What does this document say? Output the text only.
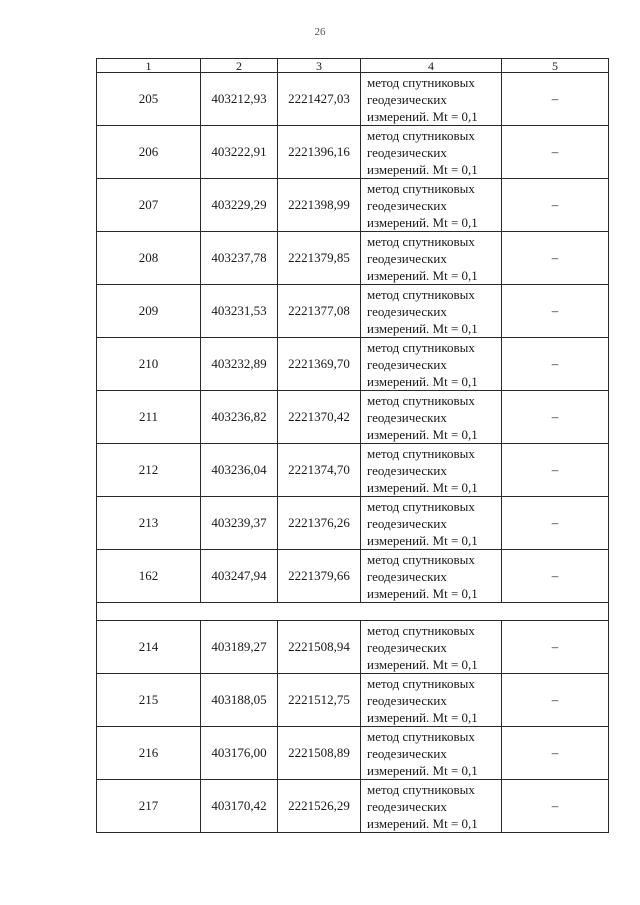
26
1	2	3	4	5
205	403212,93	2221427,03	метод спутниковых
геодезических
измерений. Mt = 0,1	–
206	403222,91	2221396,16	метод спутниковых
геодезических
измерений. Mt = 0,1	–
207	403229,29	2221398,99	метод спутниковых
геодезических
измерений. Mt = 0,1	–
208	403237,78	2221379,85	метод спутниковых
геодезических
измерений. Mt = 0,1	–
209	403231,53	2221377,08	метод спутниковых
геодезических
измерений. Mt = 0,1	–
210	403232,89	2221369,70	метод спутниковых
геодезических
измерений. Mt = 0,1	–
211	403236,82	2221370,42	метод спутниковых
геодезических
измерений. Mt = 0,1	–
212	403236,04	2221374,70	метод спутниковых
геодезических
измерений. Mt = 0,1	–
213	403239,37	2221376,26	метод спутниковых
геодезических
измерений. Mt = 0,1	–
162	403247,94	2221379,66	метод спутниковых
геодезических
измерений. Mt = 0,1	–

214	403189,27	2221508,94	метод спутниковых
геодезических
измерений. Mt = 0,1	–
215	403188,05	2221512,75	метод спутниковых
геодезических
измерений. Mt = 0,1	–
216	403176,00	2221508,89	метод спутниковых
геодезических
измерений. Mt = 0,1	–
217	403170,42	2221526,29	метод спутниковых
геодезических
измерений. Mt = 0,1	–
